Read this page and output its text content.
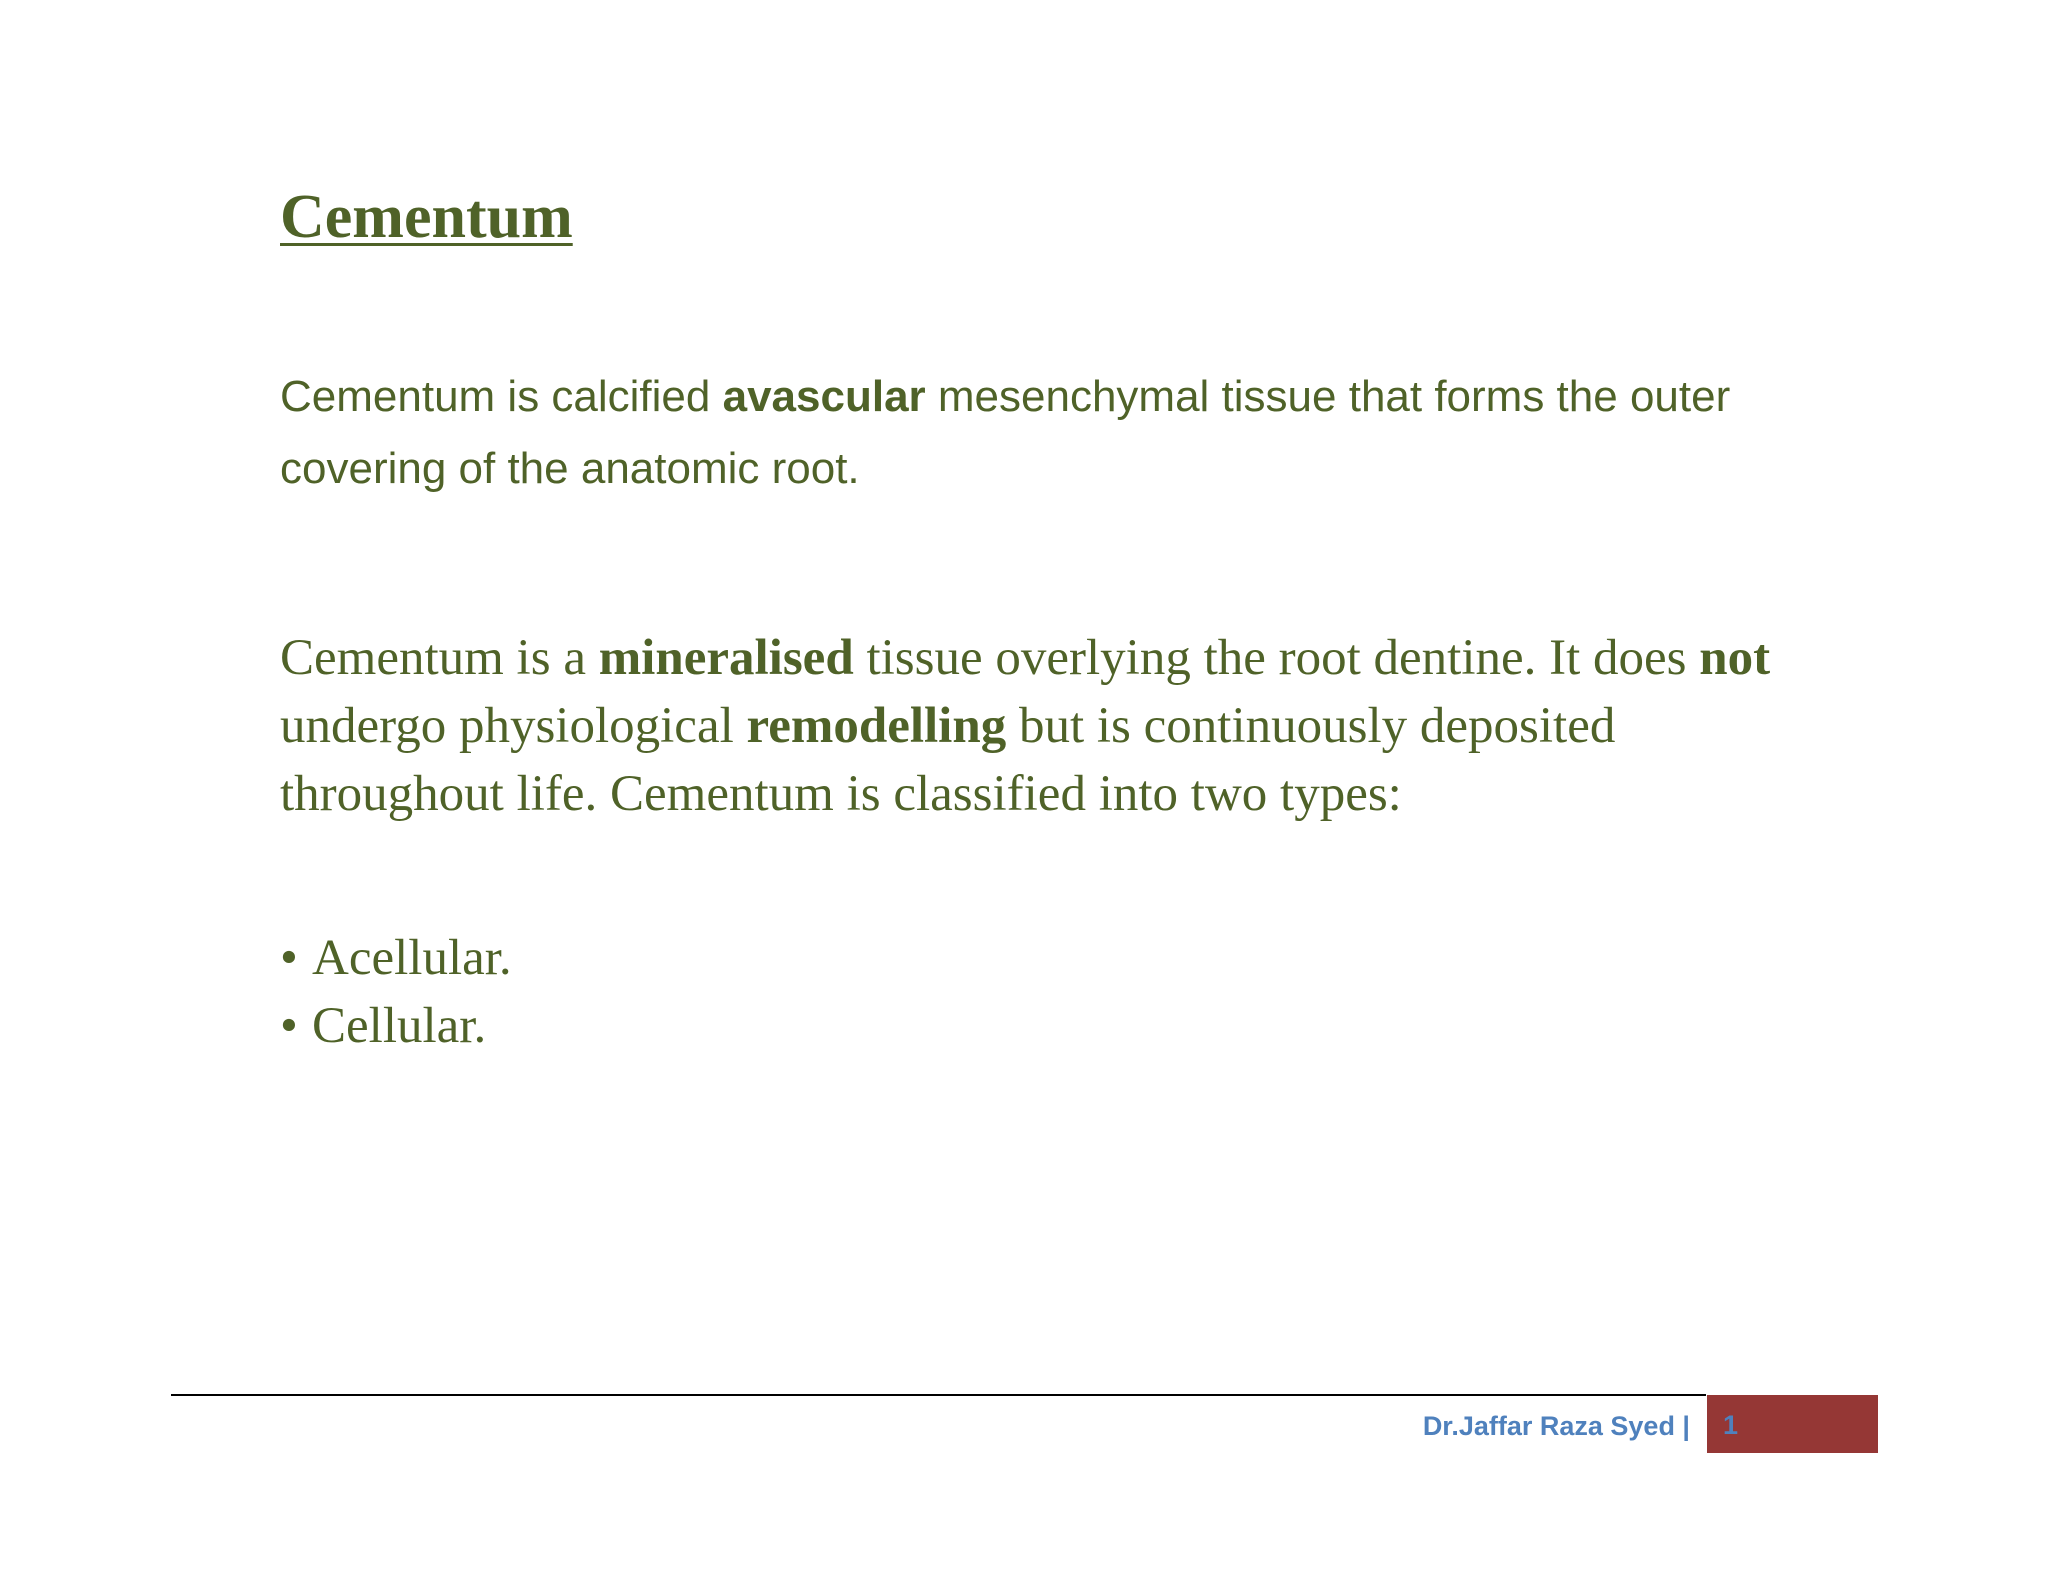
Cementum

Cementum is calcified avascular mesenchymal tissue that forms the outer covering of the anatomic root.

Cementum is a mineralised tissue overlying the root dentine. It does not undergo physiological remodelling but is continuously deposited throughout life. Cementum is classified into two types:

• Acellular.
• Cellular.
Dr.Jaffar Raza Syed | 1
